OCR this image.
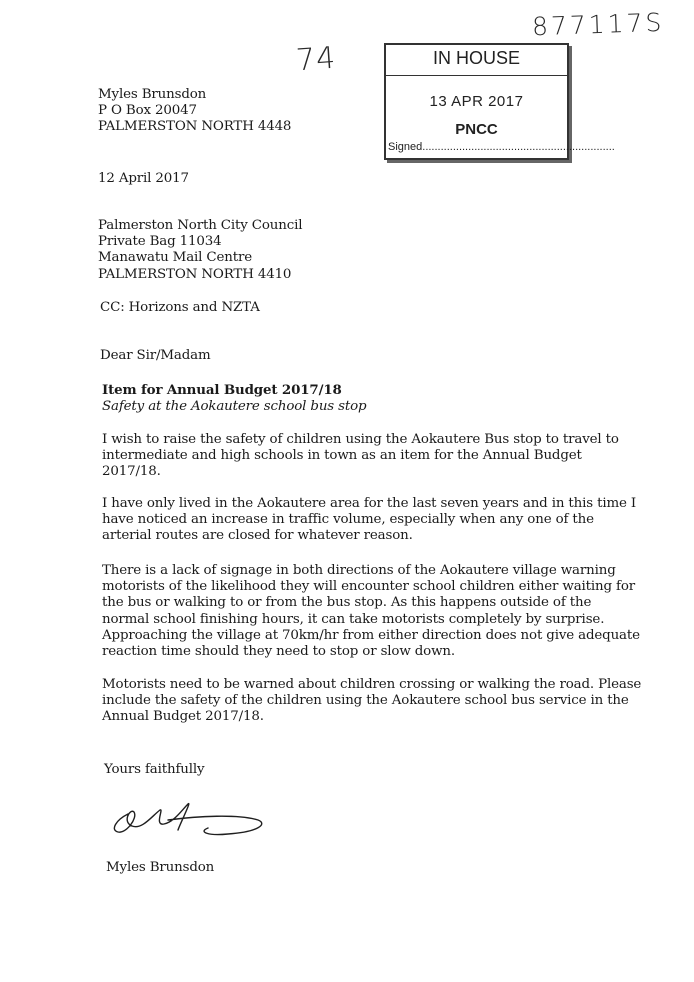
877117S
74	IN HOUSE
13 APR 2017
PNCC
Signed...............................................................
Myles Brunsdon
P O Box 20047
PALMERSTON NORTH 4448
12 April 2017
Palmerston North City Council
Private Bag 11034
Manawatu Mail Centre
PALMERSTON NORTH 4410
CC: Horizons and NZTA
Dear Sir/Madam
Item for Annual Budget 2017/18
Safety at the Aokautere school bus stop
I wish to raise the safety of children using the Aokautere Bus stop to travel to
intermediate and high schools in town as an item for the Annual Budget
2017/18.
I have only lived in the Aokautere area for the last seven years and in this time I
have noticed an increase in traffic volume, especially when any one of the
arterial routes are closed for whatever reason.
There is a lack of signage in both directions of the Aokautere village warning
motorists of the likelihood they will encounter school children either waiting for
the bus or walking to or from the bus stop. As this happens outside of the
normal school finishing hours, it can take motorists completely by surprise.
Approaching the village at 70km/hr from either direction does not give adequate
reaction time should they need to stop or slow down.
Motorists need to be warned about children crossing or walking the road. Please
include the safety of the children using the Aokautere school bus service in the
Annual Budget 2017/18.
Yours faithfully
Myles Brunsdon
